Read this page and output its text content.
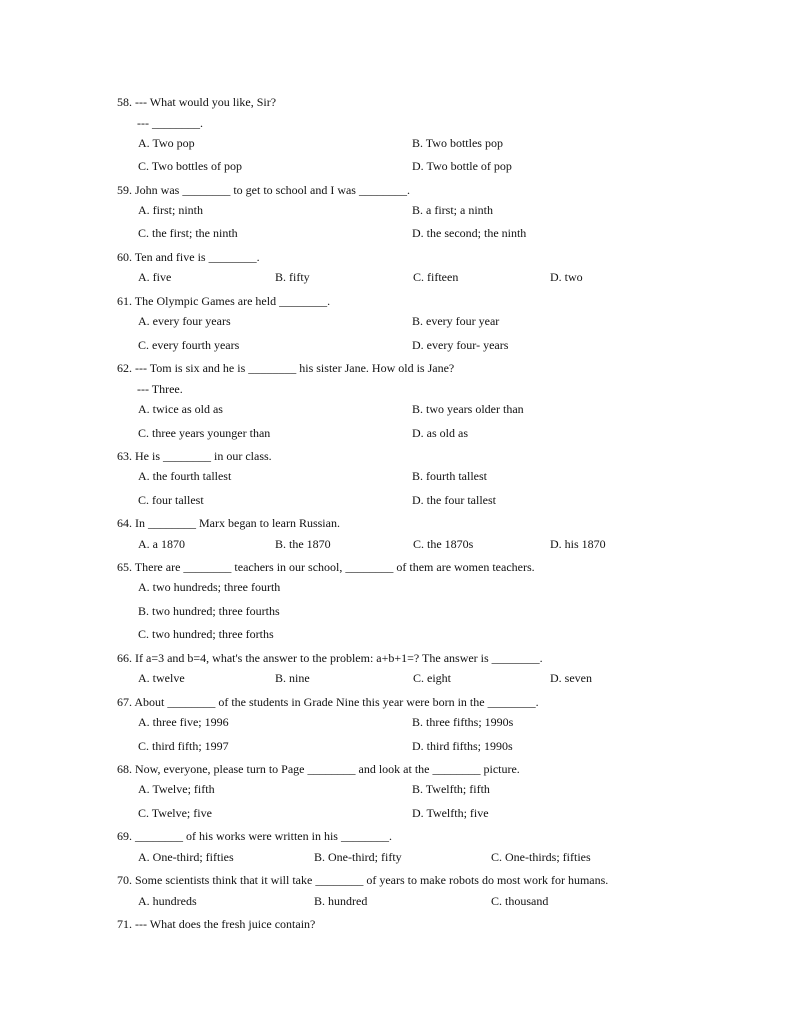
58. --- What would you like, Sir?
--- ________.
A. Two pop	B. Two bottles pop
C. Two bottles of pop	D. Two bottle of pop
59. John was ________ to get to school and I was ________.
A. first; ninth	B. a first; a ninth
C. the first; the ninth	D. the second; the ninth
60. Ten and five is ________.
A. five	B. fifty	C. fifteen	D. two
61. The Olympic Games are held ________.
A. every four years	B. every four year
C. every fourth years	D. every four- years
62. --- Tom is six and he is ________ his sister Jane. How old is Jane?
--- Three.
A. twice as old as	B. two years older than
C. three years younger than	D. as old as
63. He is ________ in our class.
A. the fourth tallest	B. fourth tallest
C. four tallest	D. the four tallest
64. In ________ Marx began to learn Russian.
A. a 1870	B. the 1870	C. the 1870s	D. his 1870
65. There are ________ teachers in our school, ________ of them are women teachers.
A. two hundreds; three fourth
B. two hundred; three fourths
C. two hundred; three forths
66. If a=3 and b=4, what's the answer to the problem: a+b+1=? The answer is ________.
A. twelve	B. nine	C. eight	D. seven
67. About ________ of the students in Grade Nine this year were born in the ________.
A. three five; 1996	B. three fifths; 1990s
C. third fifth; 1997	D. third fifths; 1990s
68. Now, everyone, please turn to Page ________ and look at the ________ picture.
A. Twelve; fifth	B. Twelfth; fifth
C. Twelve; five	D. Twelfth; five
69. ________ of his works were written in his ________.
A. One-third; fifties	B. One-third; fifty	C. One-thirds; fifties
70. Some scientists think that it will take ________ of years to make robots do most work for humans.
A. hundreds	B. hundred	C. thousand
71. --- What does the fresh juice contain?
